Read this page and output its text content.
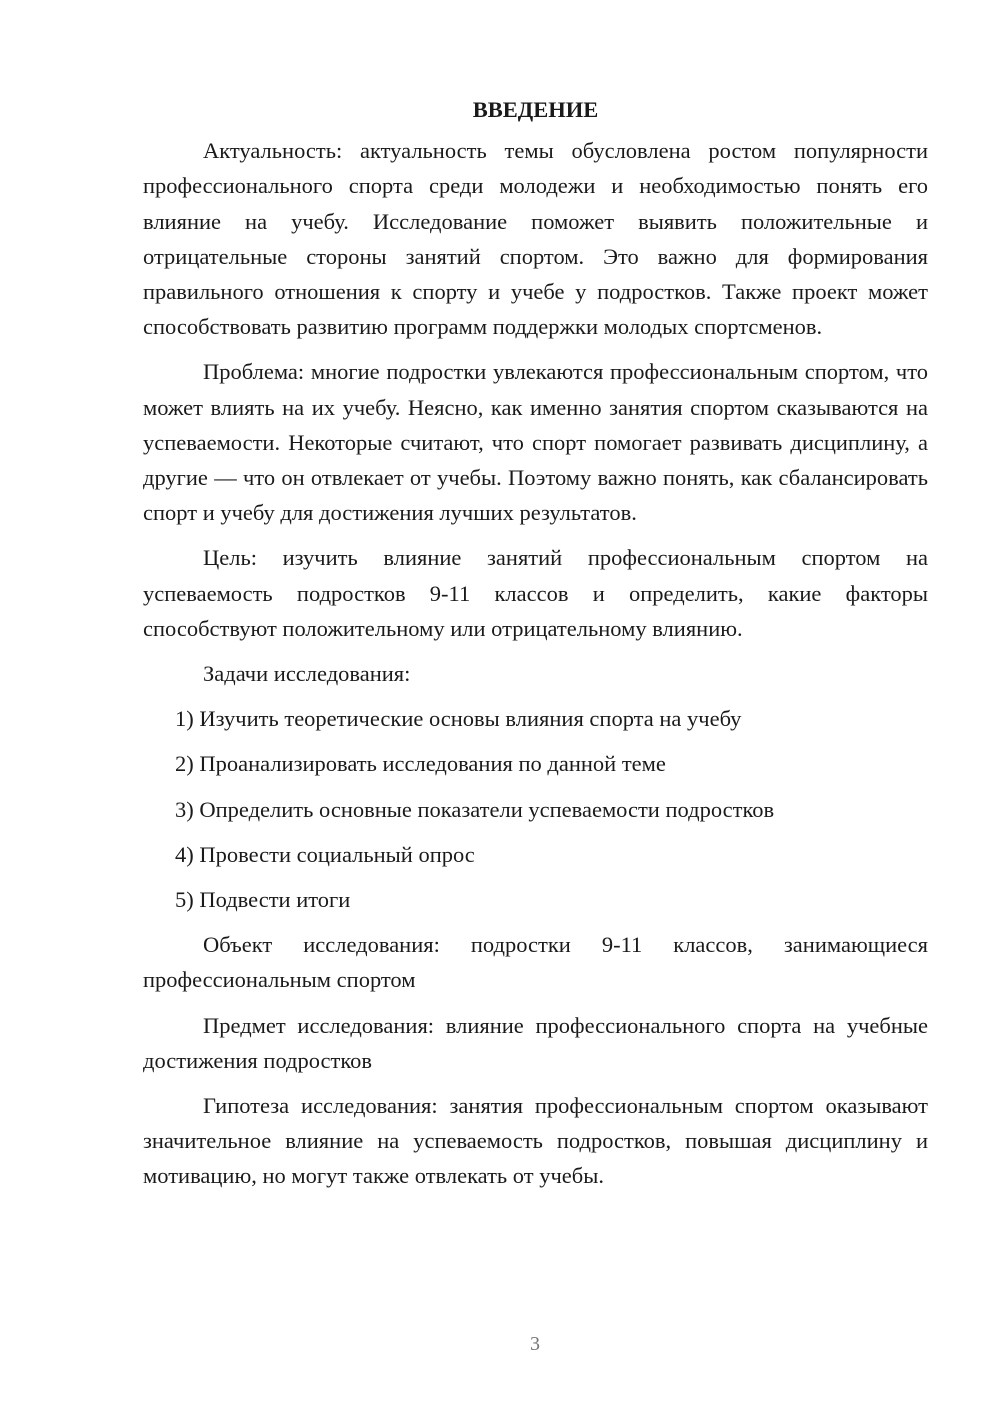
ВВЕДЕНИЕ

Актуальность: актуальность темы обусловлена ростом популярности профессионального спорта среди молодежи и необходимостью понять его влияние на учебу. Исследование поможет выявить положительные и отрицательные стороны занятий спортом. Это важно для формирования правильного отношения к спорту и учебе у подростков. Также проект может способствовать развитию программ поддержки молодых спортсменов.

Проблема: многие подростки увлекаются профессиональным спортом, что может влиять на их учебу. Неясно, как именно занятия спортом сказываются на успеваемости. Некоторые считают, что спорт помогает развивать дисциплину, а другие — что он отвлекает от учебы. Поэтому важно понять, как сбалансировать спорт и учебу для достижения лучших результатов.

Цель: изучить влияние занятий профессиональным спортом на успеваемость подростков 9-11 классов и определить, какие факторы способствуют положительному или отрицательному влиянию.

Задачи исследования:

1) Изучить теоретические основы влияния спорта на учебу

2) Проанализировать исследования по данной теме

3) Определить основные показатели успеваемости подростков

4) Провести социальный опрос

5) Подвести итоги

Объект исследования: подростки 9-11 классов, занимающиеся профессиональным спортом

Предмет исследования: влияние профессионального спорта на учебные достижения подростков

Гипотеза исследования: занятия профессиональным спортом оказывают значительное влияние на успеваемость подростков, повышая дисциплину и мотивацию, но могут также отвлекать от учебы.

3
